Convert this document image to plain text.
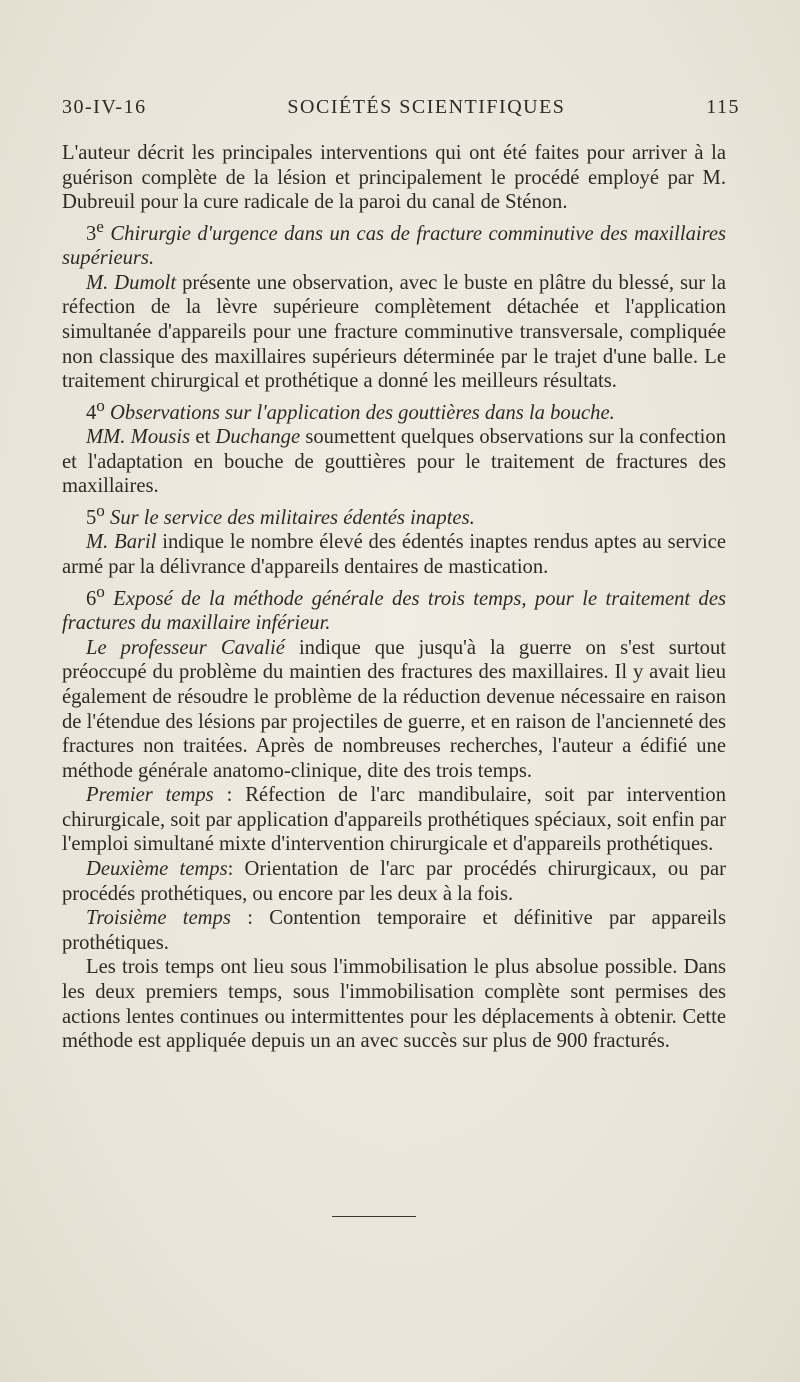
30-IV-16	SOCIÉTÉS SCIENTIFIQUES	115

L'auteur décrit les principales interventions qui ont été faites pour arriver à la guérison complète de la lésion et principalement le procédé employé par M. Dubreuil pour la cure radicale de la paroi du canal de Sténon.

3e Chirurgie d'urgence dans un cas de fracture comminutive des maxillaires supérieurs.

M. Dumolt présente une observation, avec le buste en plâtre du blessé, sur la réfection de la lèvre supérieure complètement détachée et l'application simultanée d'appareils pour une fracture comminutive transversale, compliquée non classique des maxillaires supérieurs déterminée par le trajet d'une balle. Le traitement chirurgical et prothétique a donné les meilleurs résultats.

4$^o$ Observations sur l'application des gouttières dans la bouche.

MM. Mousis et Duchange soumettent quelques observations sur la confection et l'adaptation en bouche de gouttières pour le traitement de fractures des maxillaires.

5$^o$ Sur le service des militaires édentés inaptes.

M. Baril indique le nombre élevé des édentés inaptes rendus aptes au service armé par la délivrance d'appareils dentaires de mastication.

6$^o$ Exposé de la méthode générale des trois temps, pour le traitement des fractures du maxillaire inférieur.

Le professeur Cavalié indique que jusqu'à la guerre on s'est surtout préoccupé du problème du maintien des fractures des maxillaires. Il y avait lieu également de résoudre le problème de la réduction devenue nécessaire en raison de l'étendue des lésions par projectiles de guerre, et en raison de l'ancienneté des fractures non traitées. Après de nombreuses recherches, l'auteur a édifié une méthode générale anatomo-clinique, dite des trois temps.

Premier temps : Réfection de l'arc mandibulaire, soit par intervention chirurgicale, soit par application d'appareils prothétiques spéciaux, soit enfin par l'emploi simultané mixte d'intervention chirurgicale et d'appareils prothétiques.

Deuxième temps: Orientation de l'arc par procédés chirurgicaux, ou par procédés prothétiques, ou encore par les deux à la fois.

Troisième temps : Contention temporaire et définitive par appareils prothétiques.

Les trois temps ont lieu sous l'immobilisation le plus absolue possible. Dans les deux premiers temps, sous l'immobilisation complète sont permises des actions lentes continues ou intermittentes pour les déplacements à obtenir. Cette méthode est appliquée depuis un an avec succès sur plus de 900 fracturés.
